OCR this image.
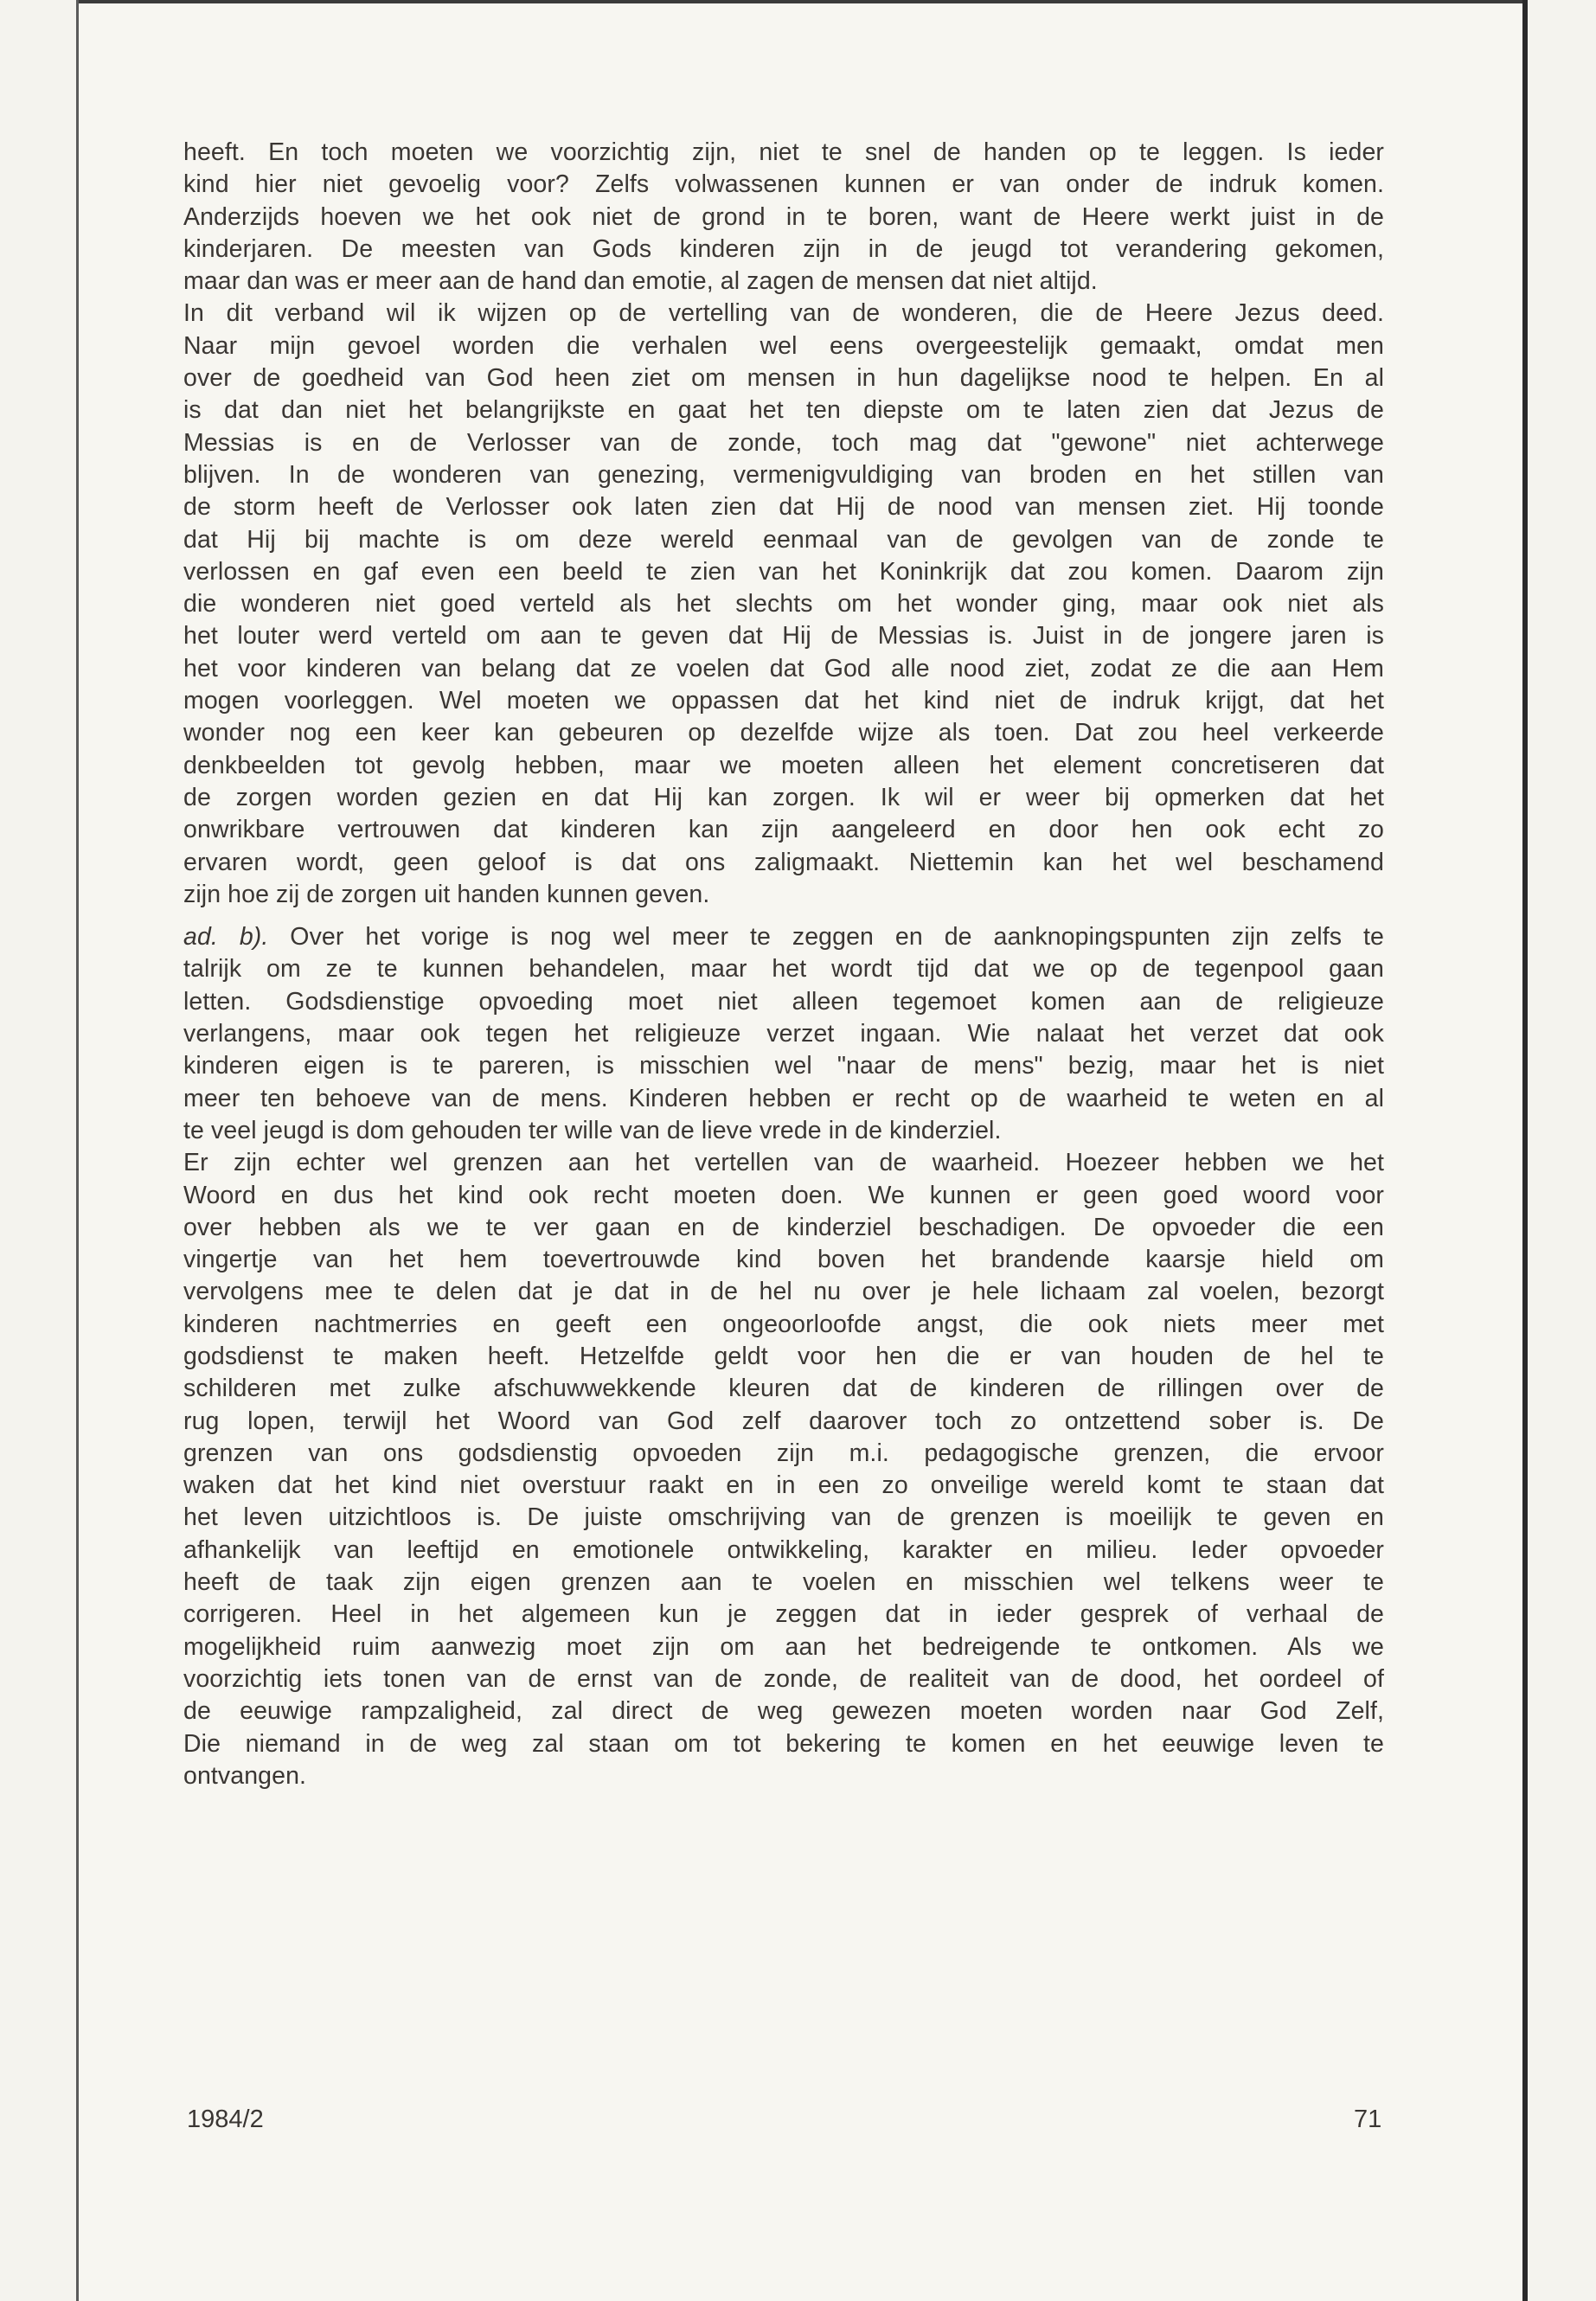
heeft. En toch moeten we voorzichtig zijn, niet te snel de handen op te leggen. Is ieder
kind hier niet gevoelig voor? Zelfs volwassenen kunnen er van onder de indruk komen.
Anderzijds hoeven we het ook niet de grond in te boren, want de Heere werkt juist in de
kinderjaren. De meesten van Gods kinderen zijn in de jeugd tot verandering gekomen,
maar dan was er meer aan de hand dan emotie, al zagen de mensen dat niet altijd.

In dit verband wil ik wijzen op de vertelling van de wonderen, die de Heere Jezus deed.
Naar mijn gevoel worden die verhalen wel eens overgeestelijk gemaakt, omdat men
over de goedheid van God heen ziet om mensen in hun dagelijkse nood te helpen. En al
is dat dan niet het belangrijkste en gaat het ten diepste om te laten zien dat Jezus de
Messias is en de Verlosser van de zonde, toch mag dat "gewone" niet achterwege
blijven. In de wonderen van genezing, vermenigvuldiging van broden en het stillen van
de storm heeft de Verlosser ook laten zien dat Hij de nood van mensen ziet. Hij toonde
dat Hij bij machte is om deze wereld eenmaal van de gevolgen van de zonde te
verlossen en gaf even een beeld te zien van het Koninkrijk dat zou komen. Daarom zijn
die wonderen niet goed verteld als het slechts om het wonder ging, maar ook niet als
het louter werd verteld om aan te geven dat Hij de Messias is. Juist in de jongere jaren is
het voor kinderen van belang dat ze voelen dat God alle nood ziet, zodat ze die aan Hem
mogen voorleggen. Wel moeten we oppassen dat het kind niet de indruk krijgt, dat het
wonder nog een keer kan gebeuren op dezelfde wijze als toen. Dat zou heel verkeerde
denkbeelden tot gevolg hebben, maar we moeten alleen het element concretiseren dat
de zorgen worden gezien en dat Hij kan zorgen. Ik wil er weer bij opmerken dat het
onwrikbare vertrouwen dat kinderen kan zijn aangeleerd en door hen ook echt zo
ervaren wordt, geen geloof is dat ons zaligmaakt. Niettemin kan het wel beschamend
zijn hoe zij de zorgen uit handen kunnen geven.

ad. b). Over het vorige is nog wel meer te zeggen en de aanknopingspunten zijn zelfs te
talrijk om ze te kunnen behandelen, maar het wordt tijd dat we op de tegenpool gaan
letten. Godsdienstige opvoeding moet niet alleen tegemoet komen aan de religieuze
verlangens, maar ook tegen het religieuze verzet ingaan. Wie nalaat het verzet dat ook
kinderen eigen is te pareren, is misschien wel "naar de mens" bezig, maar het is niet
meer ten behoeve van de mens. Kinderen hebben er recht op de waarheid te weten en al
te veel jeugd is dom gehouden ter wille van de lieve vrede in de kinderziel.

Er zijn echter wel grenzen aan het vertellen van de waarheid. Hoezeer hebben we het
Woord en dus het kind ook recht moeten doen. We kunnen er geen goed woord voor
over hebben als we te ver gaan en de kinderziel beschadigen. De opvoeder die een
vingertje van het hem toevertrouwde kind boven het brandende kaarsje hield om
vervolgens mee te delen dat je dat in de hel nu over je hele lichaam zal voelen, bezorgt
kinderen nachtmerries en geeft een ongeoorloofde angst, die ook niets meer met
godsdienst te maken heeft. Hetzelfde geldt voor hen die er van houden de hel te
schilderen met zulke afschuwwekkende kleuren dat de kinderen de rillingen over de
rug lopen, terwijl het Woord van God zelf daarover toch zo ontzettend sober is. De
grenzen van ons godsdienstig opvoeden zijn m.i. pedagogische grenzen, die ervoor
waken dat het kind niet overstuur raakt en in een zo onveilige wereld komt te staan dat
het leven uitzichtloos is. De juiste omschrijving van de grenzen is moeilijk te geven en
afhankelijk van leeftijd en emotionele ontwikkeling, karakter en milieu. Ieder opvoeder
heeft de taak zijn eigen grenzen aan te voelen en misschien wel telkens weer te
corrigeren. Heel in het algemeen kun je zeggen dat in ieder gesprek of verhaal de
mogelijkheid ruim aanwezig moet zijn om aan het bedreigende te ontkomen. Als we
voorzichtig iets tonen van de ernst van de zonde, de realiteit van de dood, het oordeel of
de eeuwige rampzaligheid, zal direct de weg gewezen moeten worden naar God Zelf,
Die niemand in de weg zal staan om tot bekering te komen en het eeuwige leven te
ontvangen.

1984/2	71
